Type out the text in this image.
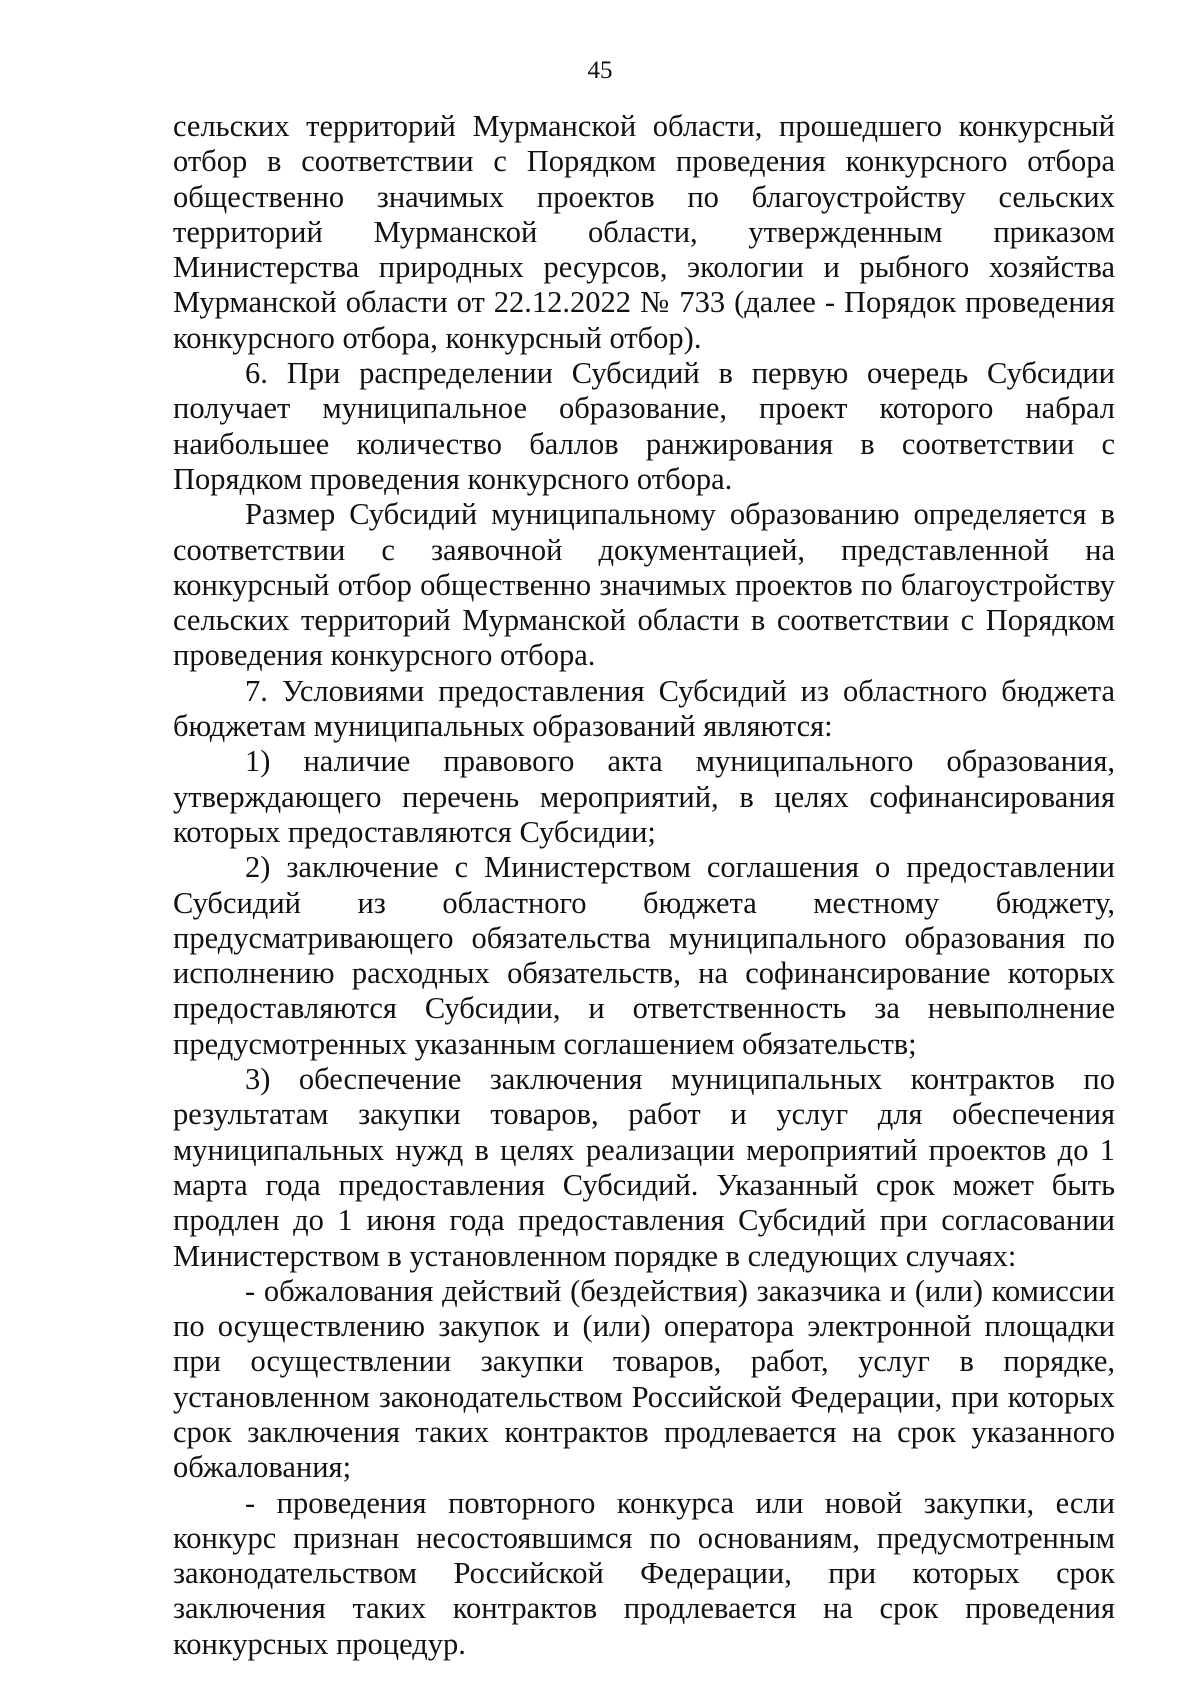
45

сельских территорий Мурманской области, прошедшего конкурсный отбор в соответствии с Порядком проведения конкурсного отбора общественно значимых проектов по благоустройству сельских территорий Мурманской области, утвержденным приказом Министерства природных ресурсов, экологии и рыбного хозяйства Мурманской области от 22.12.2022 № 733 (далее - Порядок проведения конкурсного отбора, конкурсный отбор).

6. При распределении Субсидий в первую очередь Субсидии получает муниципальное образование, проект которого набрал наибольшее количество баллов ранжирования в соответствии с Порядком проведения конкурсного отбора.

Размер Субсидий муниципальному образованию определяется в соответствии с заявочной документацией, представленной на конкурсный отбор общественно значимых проектов по благоустройству сельских территорий Мурманской области в соответствии с Порядком проведения конкурсного отбора.

7. Условиями предоставления Субсидий из областного бюджета бюджетам муниципальных образований являются:

1) наличие правового акта муниципального образования, утверждающего перечень мероприятий, в целях софинансирования которых предоставляются Субсидии;

2) заключение с Министерством соглашения о предоставлении Субсидий из областного бюджета местному бюджету, предусматривающего обязательства муниципального образования по исполнению расходных обязательств, на софинансирование которых предоставляются Субсидии, и ответственность за невыполнение предусмотренных указанным соглашением обязательств;

3) обеспечение заключения муниципальных контрактов по результатам закупки товаров, работ и услуг для обеспечения муниципальных нужд в целях реализации мероприятий проектов до 1 марта года предоставления Субсидий. Указанный срок может быть продлен до 1 июня года предоставления Субсидий при согласовании Министерством в установленном порядке в следующих случаях:

- обжалования действий (бездействия) заказчика и (или) комиссии по осуществлению закупок и (или) оператора электронной площадки при осуществлении закупки товаров, работ, услуг в порядке, установленном законодательством Российской Федерации, при которых срок заключения таких контрактов продлевается на срок указанного обжалования;

- проведения повторного конкурса или новой закупки, если конкурс признан несостоявшимся по основаниям, предусмотренным законодательством Российской Федерации, при которых срок заключения таких контрактов продлевается на срок проведения конкурсных процедур.
